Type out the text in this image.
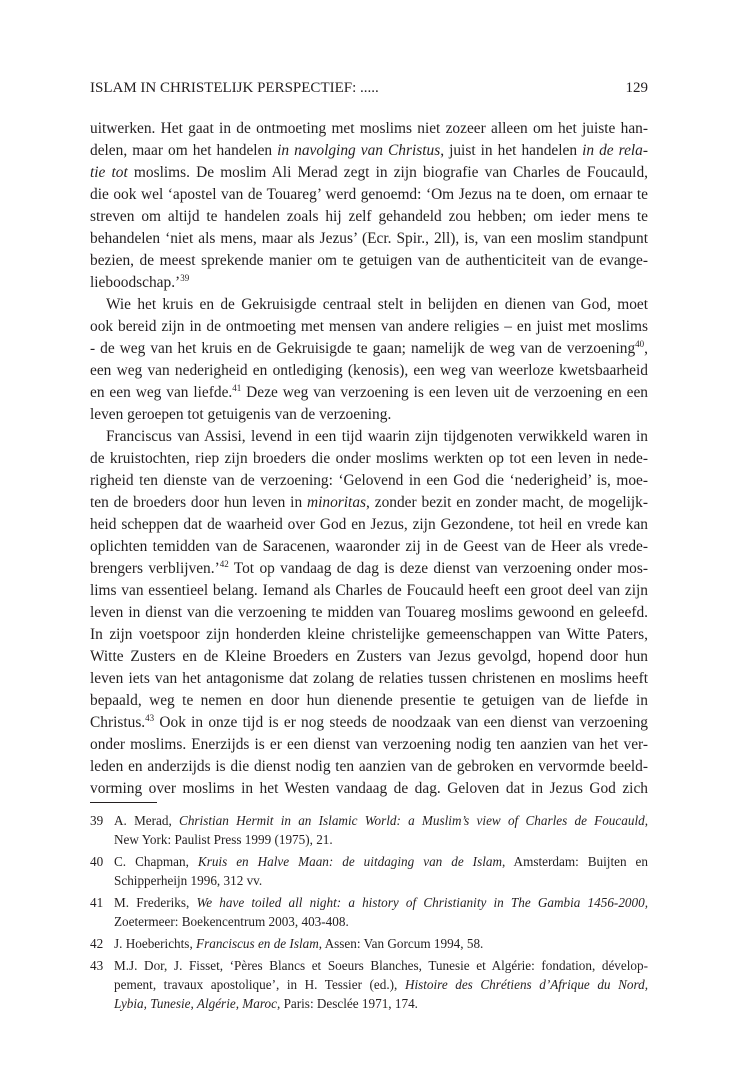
ISLAM IN CHRISTELIJK PERSPECTIEF: .....	129
uitwerken. Het gaat in de ontmoeting met moslims niet zozeer alleen om het juiste han-
delen, maar om het handelen in navolging van Christus, juist in het handelen in de rela-
tie tot moslims. De moslim Ali Merad zegt in zijn biografie van Charles de Foucauld,
die ook wel ‘apostel van de Touareg’ werd genoemd: ‘Om Jezus na te doen, om ernaar te
streven om altijd te handelen zoals hij zelf gehandeld zou hebben; om ieder mens te
behandelen ‘niet als mens, maar als Jezus’ (Ecr. Spir., 2ll), is, van een moslim standpunt
bezien, de meest sprekende manier om te getuigen van de authenticiteit van de evange-
lieboodschap.’$^{39}$
Wie het kruis en de Gekruisigde centraal stelt in belijden en dienen van God, moet
ook bereid zijn in de ontmoeting met mensen van andere religies – en juist met moslims
- de weg van het kruis en de Gekruisigde te gaan; namelijk de weg van de verzoening$^{40}$,
een weg van nederigheid en ontlediging (kenosis), een weg van weerloze kwetsbaarheid
en een weg van liefde.$^{41}$ Deze weg van verzoening is een leven uit de verzoening en een
leven geroepen tot getuigenis van de verzoening.
Franciscus van Assisi, levend in een tijd waarin zijn tijdgenoten verwikkeld waren in
de kruistochten, riep zijn broeders die onder moslims werkten op tot een leven in nede-
righeid ten dienste van de verzoening: ‘Gelovend in een God die ‘nederigheid’ is, moe-
ten de broeders door hun leven in minoritas, zonder bezit en zonder macht, de mogelijk-
heid scheppen dat de waarheid over God en Jezus, zijn Gezondene, tot heil en vrede kan
oplichten temidden van de Saracenen, waaronder zij in de Geest van de Heer als vrede-
brengers verblijven.’$^{42}$ Tot op vandaag de dag is deze dienst van verzoening onder mos-
lims van essentieel belang. Iemand als Charles de Foucauld heeft een groot deel van zijn
leven in dienst van die verzoening te midden van Touareg moslims gewoond en geleefd.
In zijn voetspoor zijn honderden kleine christelijke gemeenschappen van Witte Paters,
Witte Zusters en de Kleine Broeders en Zusters van Jezus gevolgd, hopend door hun
leven iets van het antagonisme dat zolang de relaties tussen christenen en moslims heeft
bepaald, weg te nemen en door hun dienende presentie te getuigen van de liefde in
Christus.$^{43}$ Ook in onze tijd is er nog steeds de noodzaak van een dienst van verzoening
onder moslims. Enerzijds is er een dienst van verzoening nodig ten aanzien van het ver-
leden en anderzijds is die dienst nodig ten aanzien van de gebroken en vervormde beeld-
vorming over moslims in het Westen vandaag de dag. Geloven dat in Jezus God zich
39 A. Merad, Christian Hermit in an Islamic World: a Muslim’s view of Charles de Foucauld,
New York: Paulist Press 1999 (1975), 21.
40 C. Chapman, Kruis en Halve Maan: de uitdaging van de Islam, Amsterdam: Buijten en
Schipperheijn 1996, 312 vv.
41 M. Frederiks, We have toiled all night: a history of Christianity in The Gambia 1456-2000,
Zoetermeer: Boekencentrum 2003, 403-408.
42 J. Hoeberichts, Franciscus en de Islam, Assen: Van Gorcum 1994, 58.
43 M.J. Dor, J. Fisset, ‘Pères Blancs et Soeurs Blanches, Tunesie et Algérie: fondation, dévelop-
pement, travaux apostolique’, in H. Tessier (ed.), Histoire des Chrétiens d’Afrique du Nord,
Lybia, Tunesie, Algérie, Maroc, Paris: Desclée 1971, 174.
